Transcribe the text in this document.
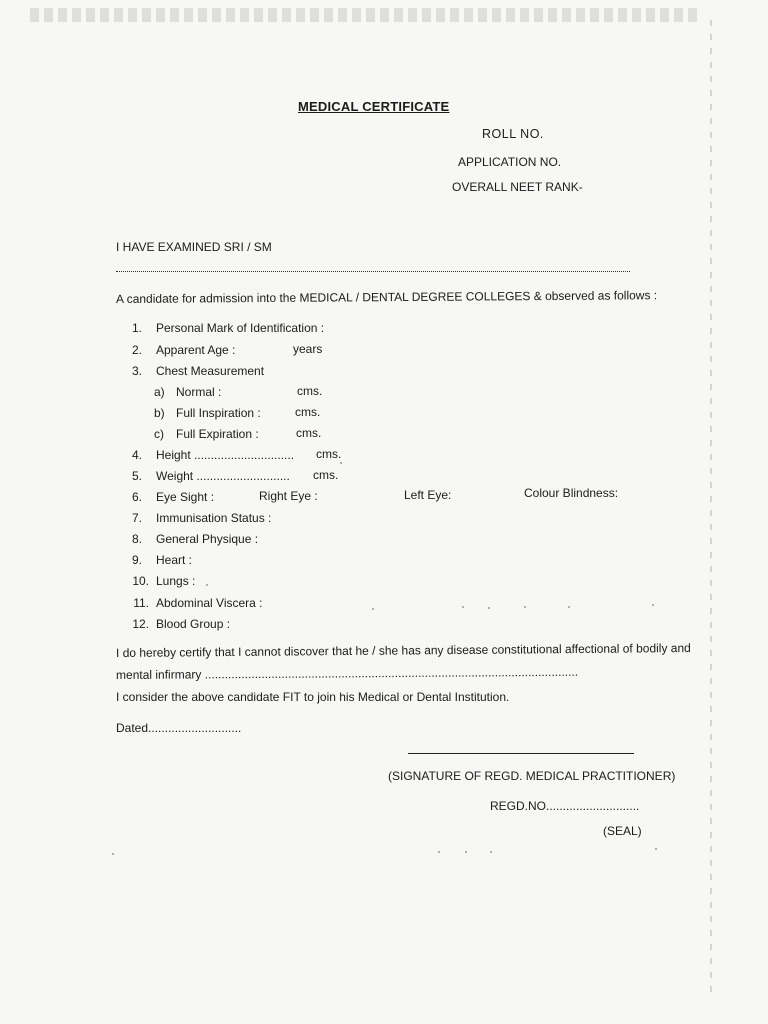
MEDICAL CERTIFICATE
ROLL NO.
APPLICATION NO.
OVERALL NEET RANK-
I HAVE EXAMINED SRI / SM
A candidate for admission into the MEDICAL / DENTAL DEGREE COLLEGES & observed as follows :
1. Personal Mark of Identification :
2. Apparent Age :	years
3. Chest Measurement
a) Normal :	cms.
b) Full Inspiration :	cms.
c) Full Expiration :	cms.
4. Height .............................. cms.
5. Weight ............................ cms.
6. Eye Sight :	Right Eye :	Left Eye:	Colour Blindness:
7. Immunisation Status :
8. General Physique :
9. Heart :
10. Lungs :
11. Abdominal Viscera :
12. Blood Group :
I do hereby certify that I cannot discover that he / she has any disease constitutional affectional of bodily and
mental infirmary ................................................................................................................
I consider the above candidate FIT to join his Medical or Dental Institution.
Dated............................
(SIGNATURE OF REGD. MEDICAL PRACTITIONER)
REGD.NO............................
(SEAL)
